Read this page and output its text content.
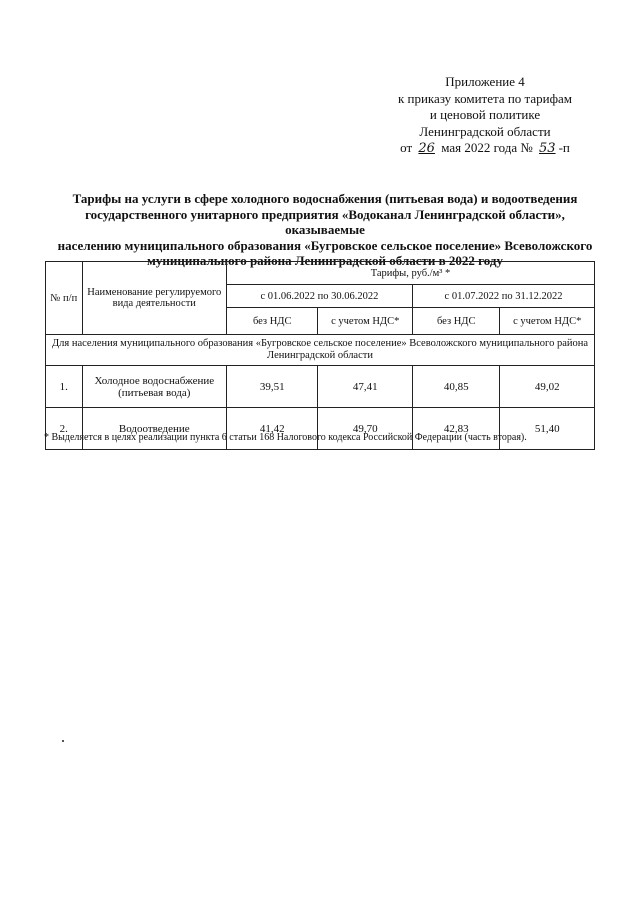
Приложение 4
к приказу комитета по тарифам
и ценовой политике
Ленинградской области
от 26 мая 2022 года № 53 -п
Тарифы на услуги в сфере холодного водоснабжения (питьевая вода) и водоотведения
государственного унитарного предприятия «Водоканал Ленинградской области», оказываемые
населению муниципального образования «Бугровское сельское поселение» Всеволожского
муниципального района Ленинградской области в 2022 году
№ п/п	Наименование регулируемого вида деятельности	Тарифы, руб./м³ *			
		с 01.06.2022 по 30.06.2022		с 01.07.2022 по 31.12.2022	
		без НДС	с учетом НДС*	без НДС	с учетом НДС*
Для населения муниципального образования «Бугровское сельское поселение» Всеволожского муниципального района Ленинградской области					
1.	Холодное водоснабжение (питьевая вода)	39,51	47,41	40,85	49,02
2.	Водоотведение	41,42	49,70	42,83	51,40
* Выделяется в целях реализации пункта 6 статьи 168 Налогового кодекса Российской Федерации (часть вторая).
